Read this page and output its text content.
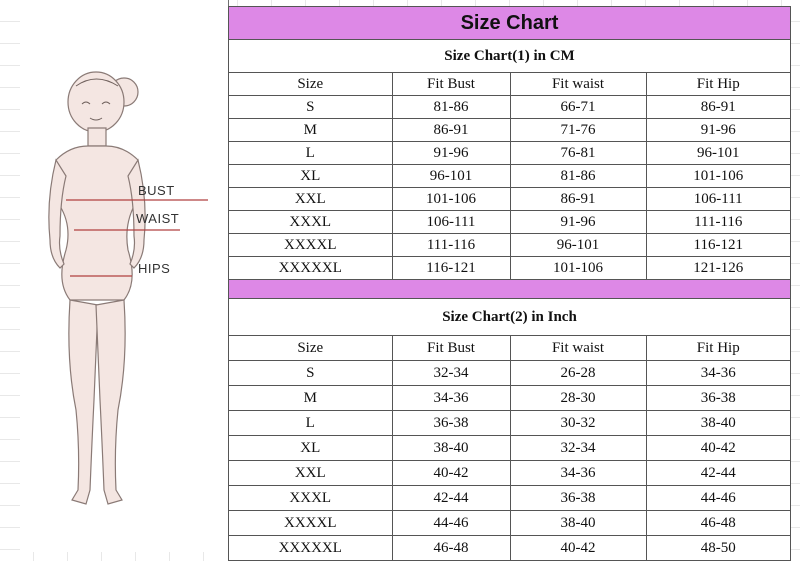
BUST
WAIST
HIPS
Size Chart
Size Chart(1) in CM
Size	Fit Bust	Fit waist	Fit Hip
S	81-86	66-71	86-91
M	86-91	71-76	91-96
L	91-96	76-81	96-101
XL	96-101	81-86	101-106
XXL	101-106	86-91	106-111
XXXL	106-111	91-96	111-116
XXXXL	111-116	96-101	116-121
XXXXXL	116-121	101-106	121-126
Size Chart(2) in Inch
Size	Fit Bust	Fit waist	Fit Hip
S	32-34	26-28	34-36
M	34-36	28-30	36-38
L	36-38	30-32	38-40
XL	38-40	32-34	40-42
XXL	40-42	34-36	42-44
XXXL	42-44	36-38	44-46
XXXXL	44-46	38-40	46-48
XXXXXL	46-48	40-42	48-50
